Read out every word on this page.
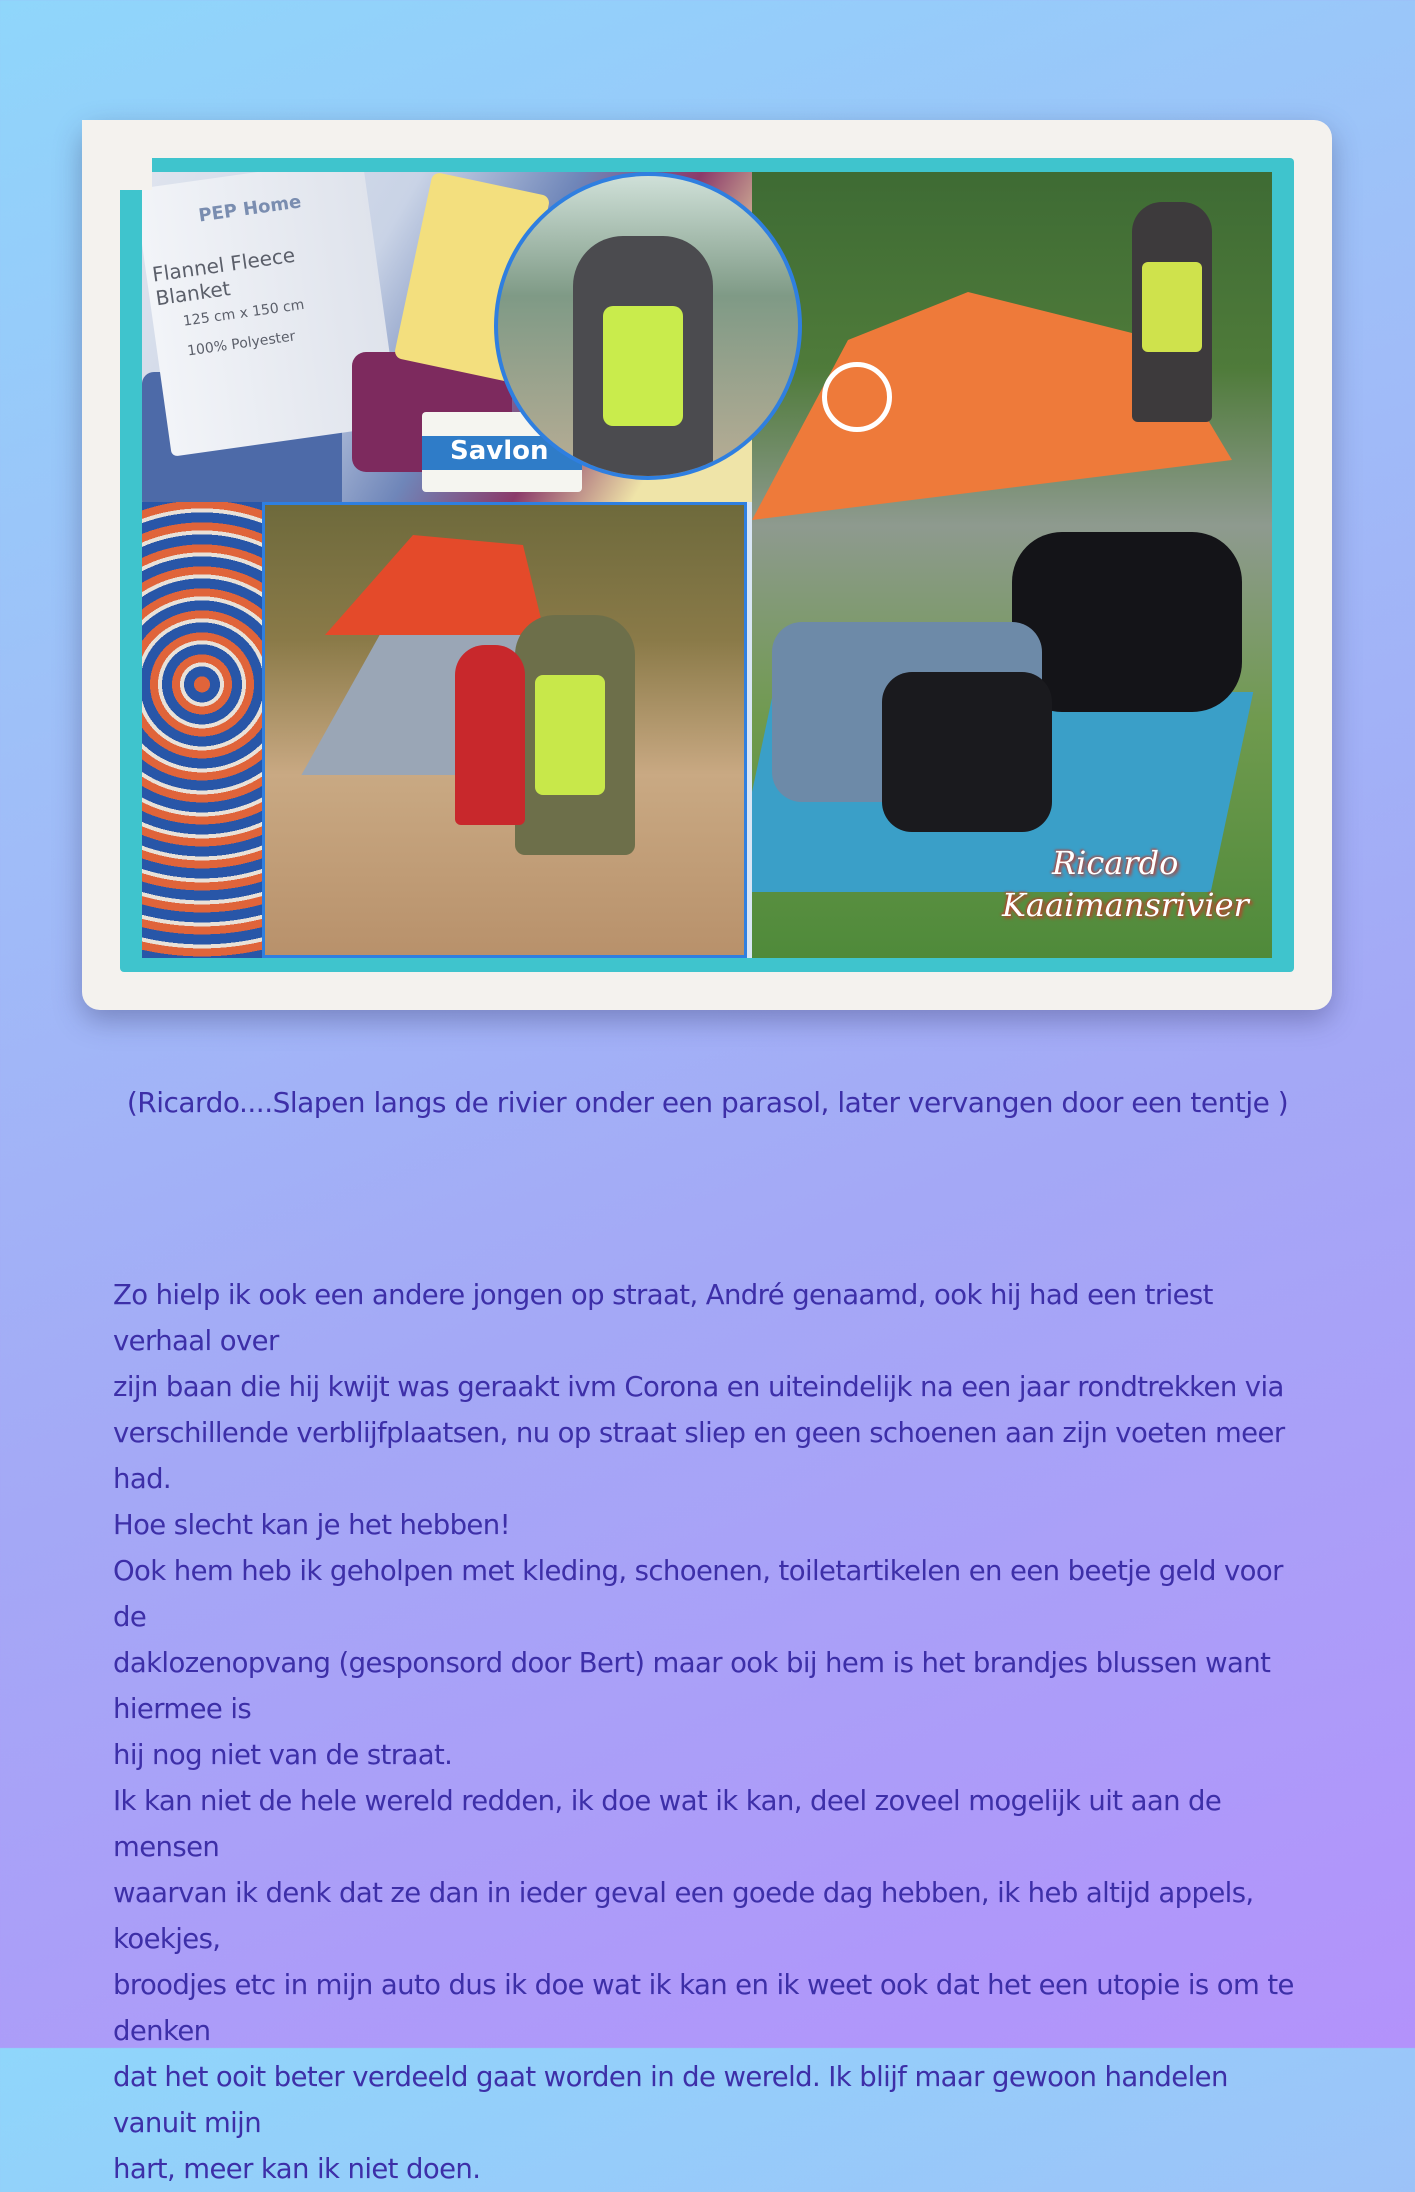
PEP Home
Flannel Fleece Blanket
125 cm x 150 cm
100% Polyester
Savlon
Ricardo
Kaaimansrivier
(Ricardo....Slapen langs de rivier onder een parasol, later vervangen door een tentje )

Zo hielp ik ook een andere jongen op straat, André genaamd, ook hij had een triest verhaal over

zijn baan die hij kwijt was geraakt ivm Corona en uiteindelijk na een jaar rondtrekken via

verschillende verblijfplaatsen, nu op straat sliep en geen schoenen aan zijn voeten meer had.

Hoe slecht kan je het hebben!

Ook hem heb ik geholpen met kleding, schoenen, toiletartikelen en een beetje geld voor de

daklozenopvang (gesponsord door Bert) maar ook bij hem is het brandjes blussen want hiermee is

hij nog niet van de straat.

Ik kan niet de hele wereld redden, ik doe wat ik kan, deel zoveel mogelijk uit aan de mensen

waarvan ik denk dat ze dan in ieder geval een goede dag hebben, ik heb altijd appels, koekjes,

broodjes etc in mijn auto dus ik doe wat ik kan en ik weet ook dat het een utopie is om te denken

dat het ooit beter verdeeld gaat worden in de wereld. Ik blijf maar gewoon handelen vanuit mijn

hart, meer kan ik niet doen.
